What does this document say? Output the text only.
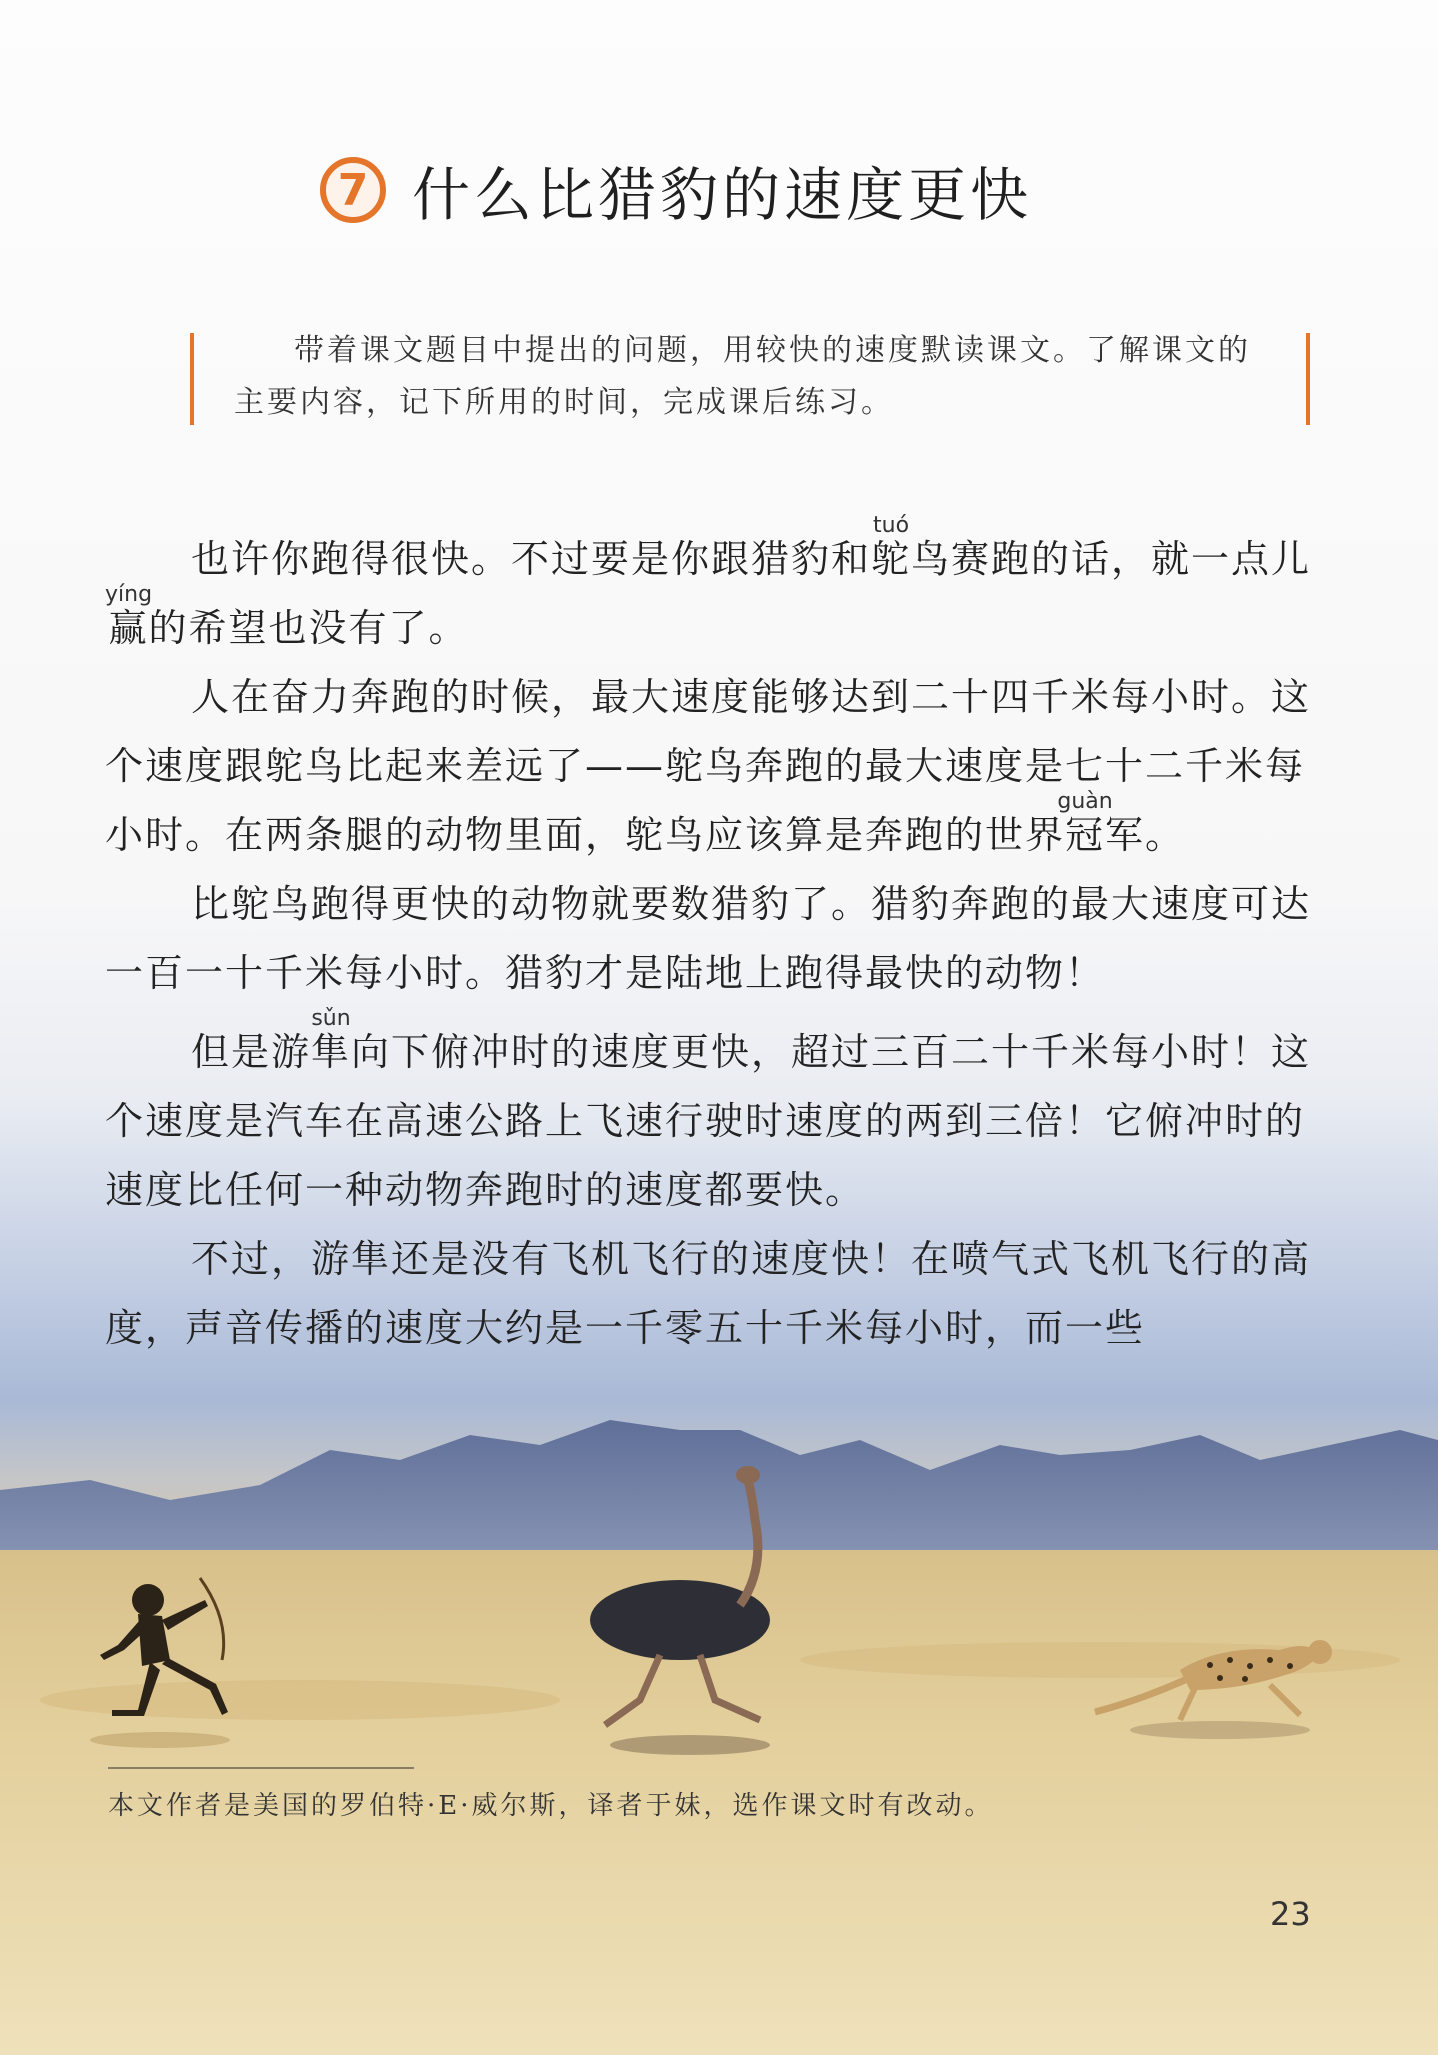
7 什么比猎豹的速度更快

带着课文题目中提出的问题，用较快的速度默读课文。了解课文的主要内容，记下所用的时间，完成课后练习。

也许你跑得很快。不过要是你跟猎豹和鸵tuó鸟赛跑的话，就一点儿赢yíng的希望也没有了。

人在奋力奔跑的时候，最大速度能够达到二十四千米每小时。这个速度跟鸵鸟比起来差远了——鸵鸟奔跑的最大速度是七十二千米每小时。在两条腿的动物里面，鸵鸟应该算是奔跑的世界冠guàn军。

比鸵鸟跑得更快的动物就要数猎豹了。猎豹奔跑的最大速度可达一百一十千米每小时。猎豹才是陆地上跑得最快的动物！

但是游隼sǔn向下俯冲时的速度更快，超过三百二十千米每小时！这个速度是汽车在高速公路上飞速行驶时速度的两到三倍！它俯冲时的速度比任何一种动物奔跑时的速度都要快。

不过，游隼还是没有飞机飞行的速度快！在喷气式飞机飞行的高度，声音传播的速度大约是一千零五十千米每小时，而一些

本文作者是美国的罗伯特·E·威尔斯，译者于妹，选作课文时有改动。
23
